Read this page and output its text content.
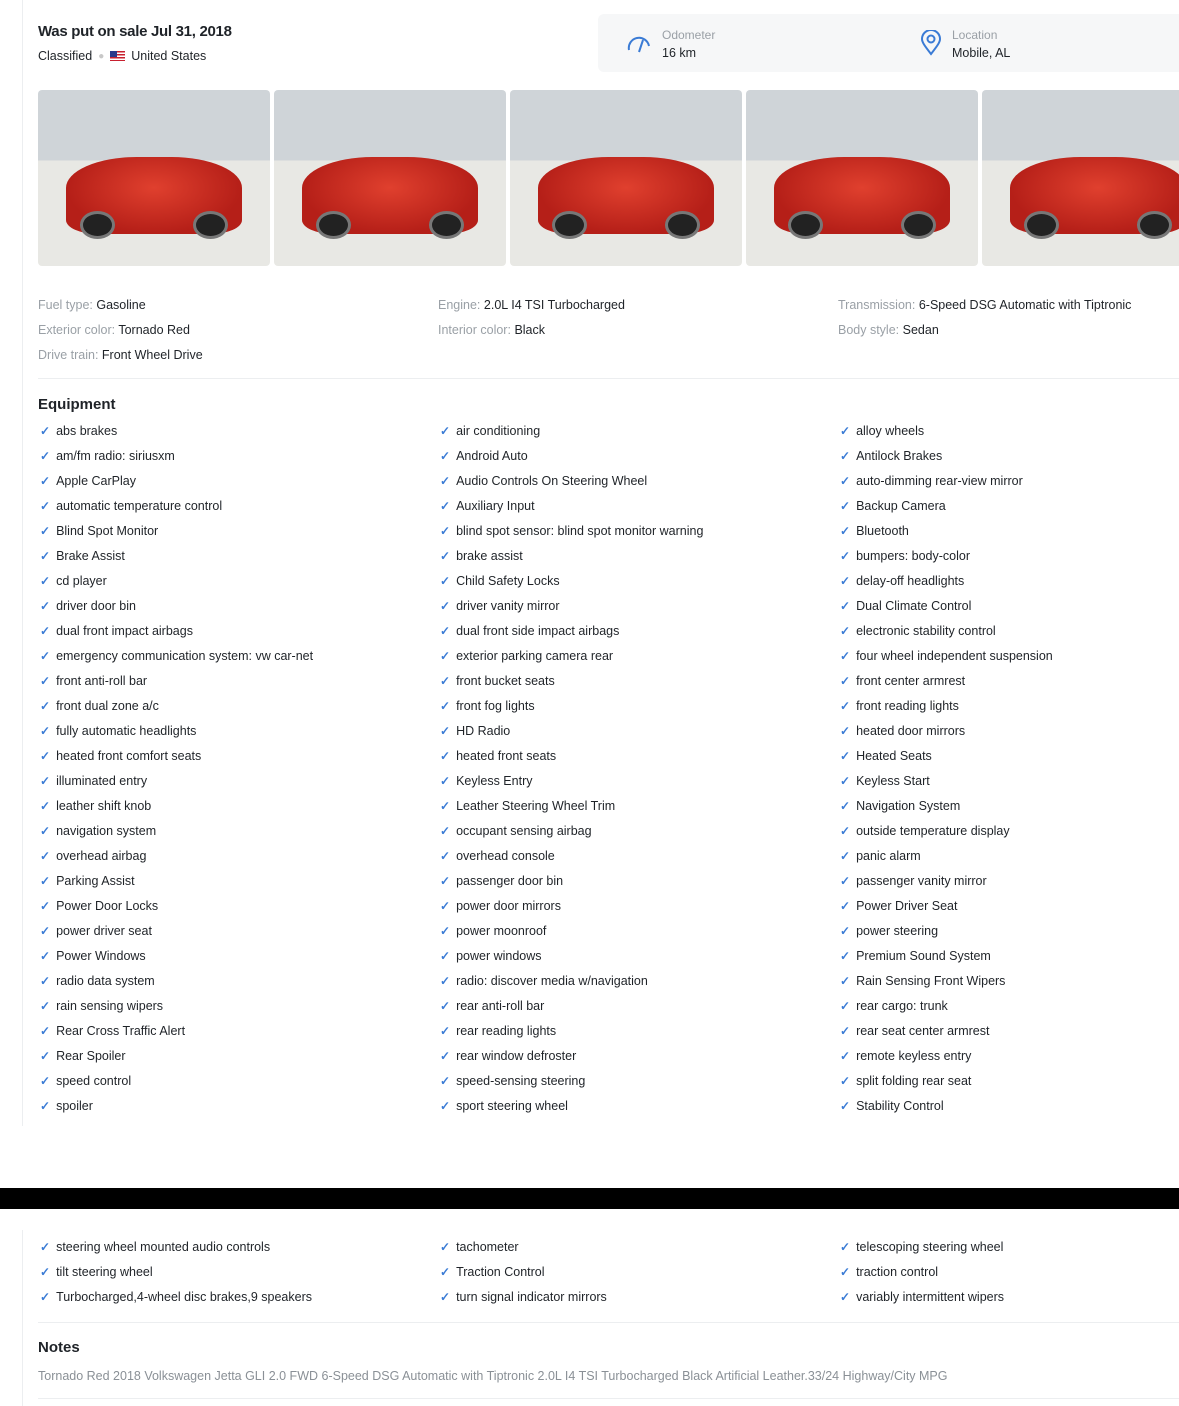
Was put on sale Jul 31, 2018
Classified ● United States
Odometer
16 km
Location
Mobile, AL
Fuel type: Gasoline	Engine: 2.0L I4 TSI Turbocharged	Transmission: 6-Speed DSG Automatic with Tiptronic
Exterior color: Tornado Red	Interior color: Black	Body style: Sedan
Drive train: Front Wheel Drive
Equipment
✓ abs brakes	✓ air conditioning	✓ alloy wheels
✓ am/fm radio: siriusxm	✓ Android Auto	✓ Antilock Brakes
✓ Apple CarPlay	✓ Audio Controls On Steering Wheel	✓ auto-dimming rear-view mirror
✓ automatic temperature control	✓ Auxiliary Input	✓ Backup Camera
✓ Blind Spot Monitor	✓ blind spot sensor: blind spot monitor warning	✓ Bluetooth
✓ Brake Assist	✓ brake assist	✓ bumpers: body-color
✓ cd player	✓ Child Safety Locks	✓ delay-off headlights
✓ driver door bin	✓ driver vanity mirror	✓ Dual Climate Control
✓ dual front impact airbags	✓ dual front side impact airbags	✓ electronic stability control
✓ emergency communication system: vw car-net	✓ exterior parking camera rear	✓ four wheel independent suspension
✓ front anti-roll bar	✓ front bucket seats	✓ front center armrest
✓ front dual zone a/c	✓ front fog lights	✓ front reading lights
✓ fully automatic headlights	✓ HD Radio	✓ heated door mirrors
✓ heated front comfort seats	✓ heated front seats	✓ Heated Seats
✓ illuminated entry	✓ Keyless Entry	✓ Keyless Start
✓ leather shift knob	✓ Leather Steering Wheel Trim	✓ Navigation System
✓ navigation system	✓ occupant sensing airbag	✓ outside temperature display
✓ overhead airbag	✓ overhead console	✓ panic alarm
✓ Parking Assist	✓ passenger door bin	✓ passenger vanity mirror
✓ Power Door Locks	✓ power door mirrors	✓ Power Driver Seat
✓ power driver seat	✓ power moonroof	✓ power steering
✓ Power Windows	✓ power windows	✓ Premium Sound System
✓ radio data system	✓ radio: discover media w/navigation	✓ Rain Sensing Front Wipers
✓ rain sensing wipers	✓ rear anti-roll bar	✓ rear cargo: trunk
✓ Rear Cross Traffic Alert	✓ rear reading lights	✓ rear seat center armrest
✓ Rear Spoiler	✓ rear window defroster	✓ remote keyless entry
✓ speed control	✓ speed-sensing steering	✓ split folding rear seat
✓ spoiler	✓ sport steering wheel	✓ Stability Control
✓ steering wheel mounted audio controls	✓ tachometer	✓ telescoping steering wheel
✓ tilt steering wheel	✓ Traction Control	✓ traction control
✓ Turbocharged,4-wheel disc brakes,9 speakers	✓ turn signal indicator mirrors	✓ variably intermittent wipers
Notes
Tornado Red 2018 Volkswagen Jetta GLI 2.0 FWD 6-Speed DSG Automatic with Tiptronic 2.0L I4 TSI Turbocharged Black Artificial Leather.33/24 Highway/City MPG
